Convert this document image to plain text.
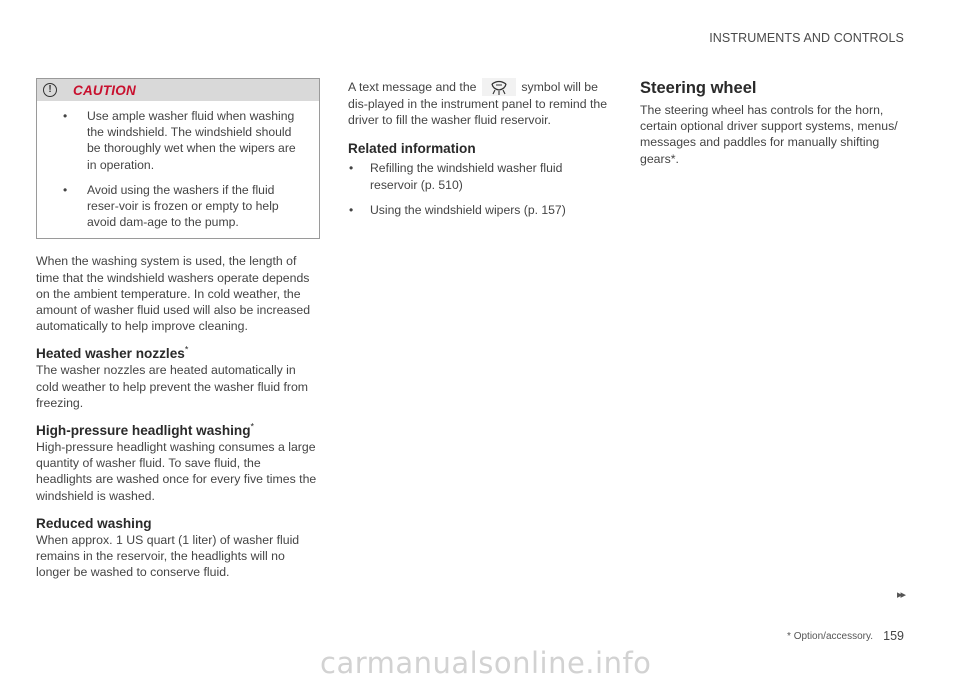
INSTRUMENTS AND CONTROLS
!	CAUTION
• Use ample washer fluid when washing the windshield. The windshield should be thoroughly wet when the wipers are in operation.
• Avoid using the washers if the fluid reser-voir is frozen or empty to help avoid dam-age to the pump.

When the washing system is used, the length of time that the windshield washers operate depends on the ambient temperature. In cold weather, the amount of washer fluid used will also be increased automatically to help improve cleaning.

Heated washer nozzles*

The washer nozzles are heated automatically in cold weather to help prevent the washer fluid from freezing.

High-pressure headlight washing*

High-pressure headlight washing consumes a large quantity of washer fluid. To save fluid, the headlights are washed once for every five times the windshield is washed.

Reduced washing

When approx. 1 US quart (1 liter) of washer fluid remains in the reservoir, the headlights will no longer be washed to conserve fluid.

A text message and the	symbol will be dis-played in the instrument panel to remind the driver to fill the washer fluid reservoir.

Related information
• Refilling the windshield washer fluid reservoir (p. 510)
• Using the windshield wipers (p. 157)
Steering wheel

The steering wheel has controls for the horn, certain optional driver support systems, menus/ messages and paddles for manually shifting gears*.

▸▸
* Option/accessory. 159
carmanualsonline.info
